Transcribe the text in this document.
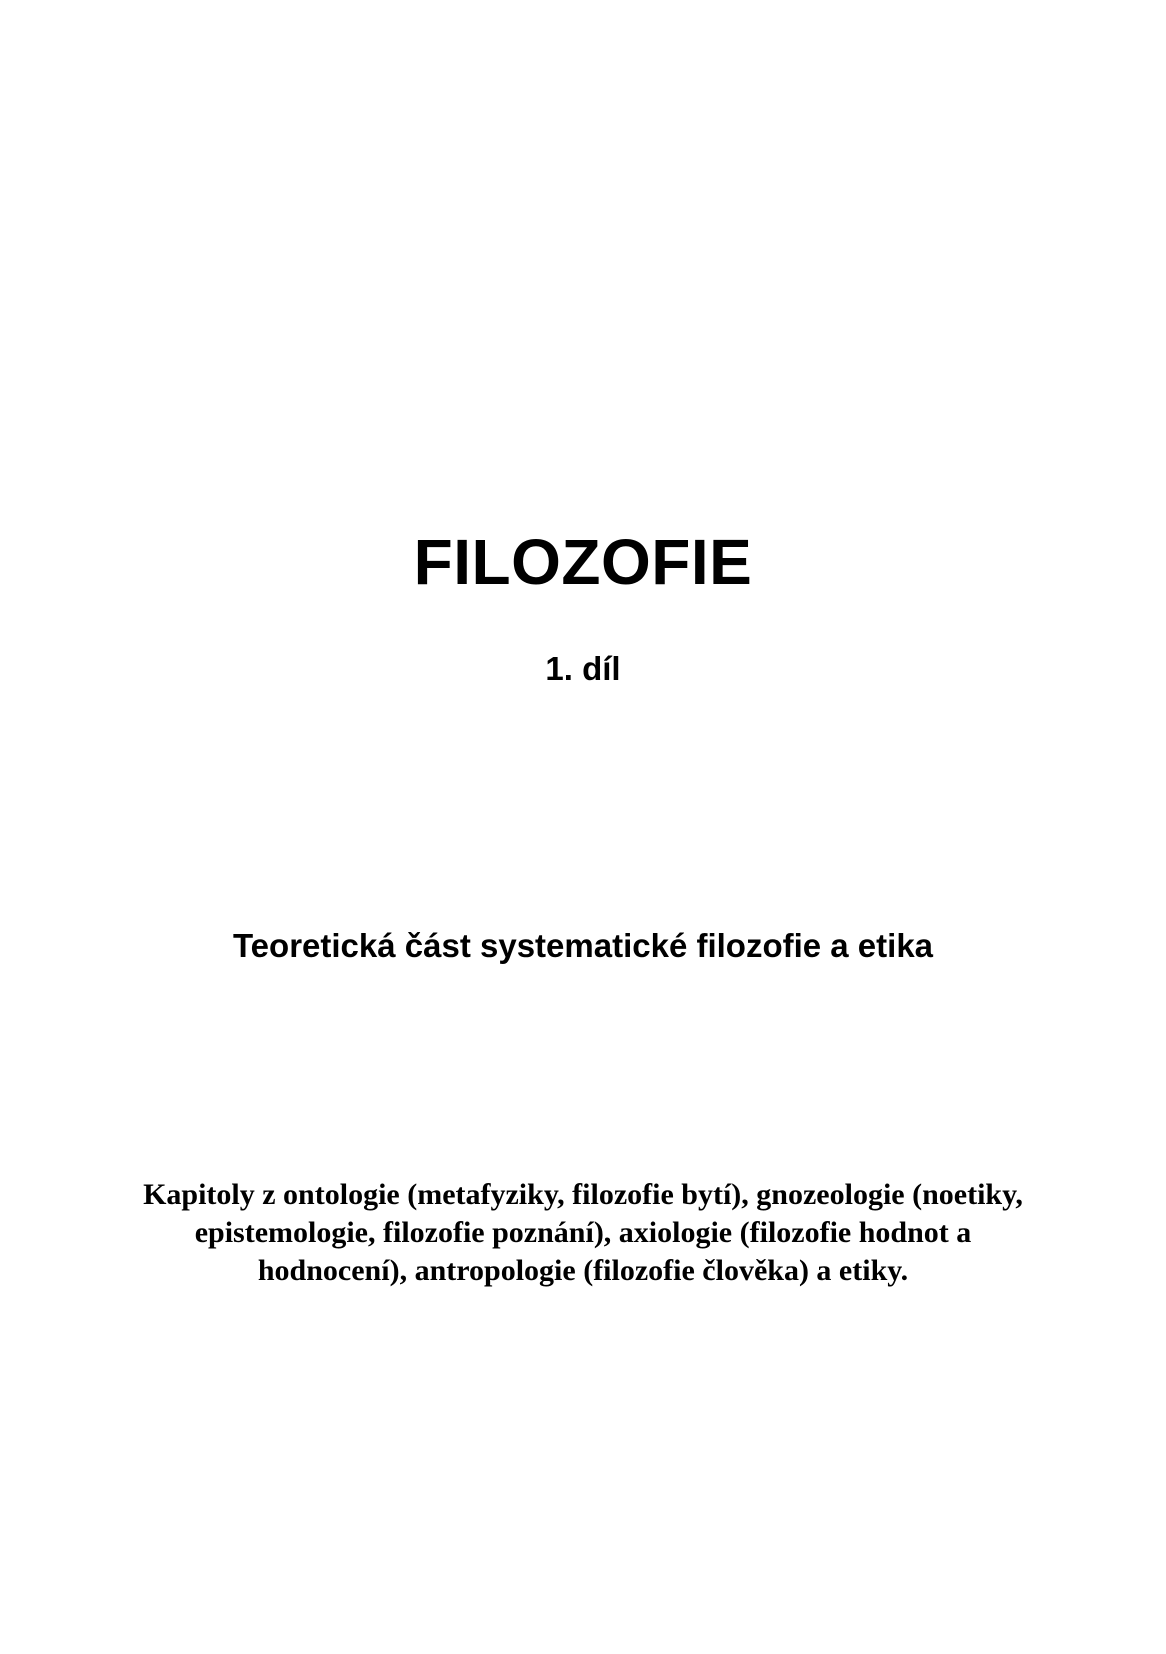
FILOZOFIE
1. díl
Teoretická část systematické filozofie a etika
Kapitoly z ontologie (metafyziky, filozofie bytí), gnozeologie (noetiky,
epistemologie, filozofie poznání), axiologie (filozofie hodnot a
hodnocení), antropologie (filozofie člověka) a etiky.
